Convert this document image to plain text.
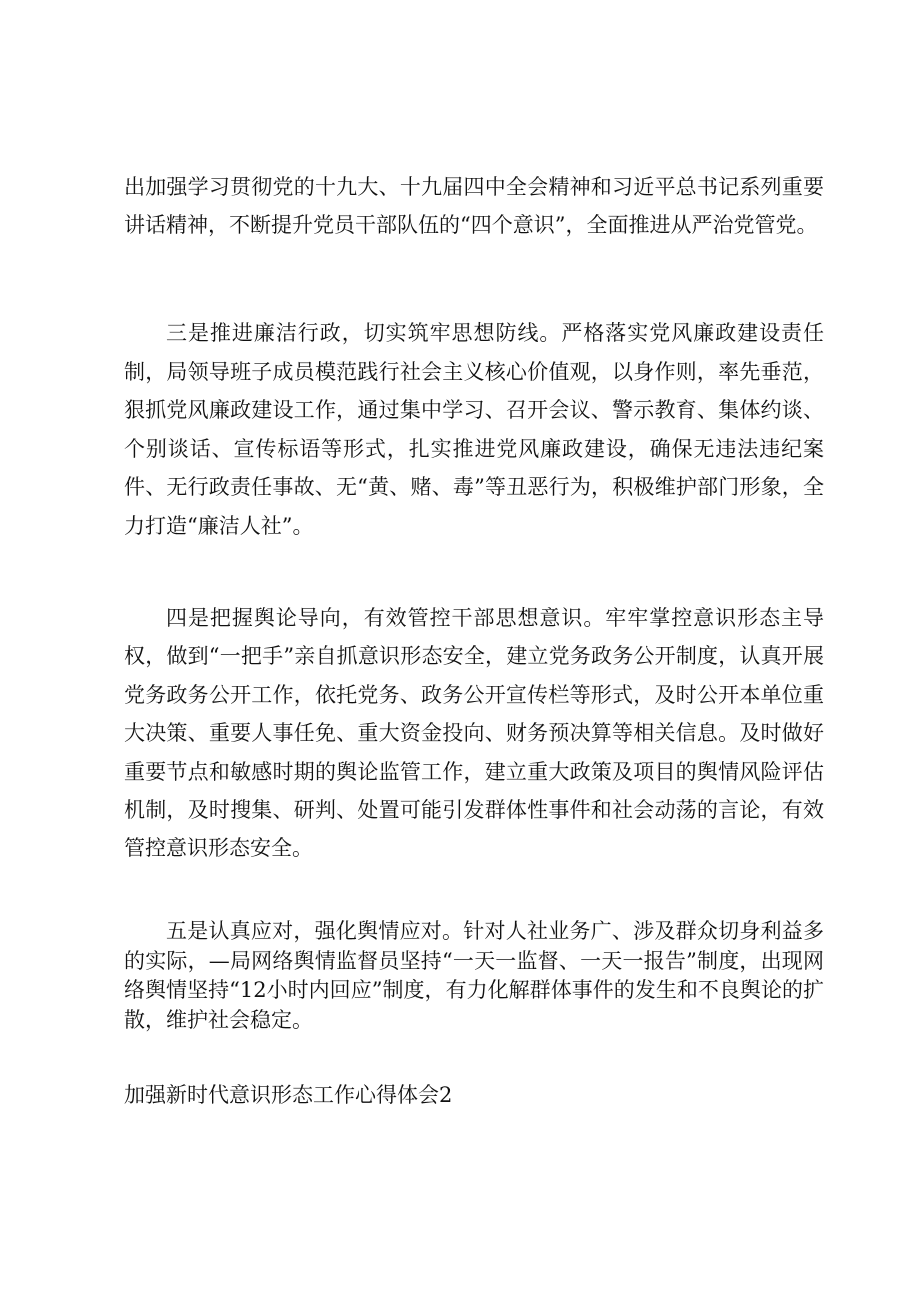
出加强学习贯彻党的十九大、十九届四中全会精神和习近平总书记系列重要讲话精神，不断提升党员干部队伍的“四个意识”，全面推进从严治党管党。

三是推进廉洁行政，切实筑牢思想防线。严格落实党风廉政建设责任制，局领导班子成员模范践行社会主义核心价值观，以身作则，率先垂范，狠抓党风廉政建设工作，通过集中学习、召开会议、警示教育、集体约谈、个别谈话、宣传标语等形式，扎实推进党风廉政建设，确保无违法违纪案件、无行政责任事故、无“黄、赌、毒”等丑恶行为，积极维护部门形象，全力打造“廉洁人社”。

四是把握舆论导向，有效管控干部思想意识。牢牢掌控意识形态主导权，做到“一把手”亲自抓意识形态安全，建立党务政务公开制度，认真开展党务政务公开工作，依托党务、政务公开宣传栏等形式，及时公开本单位重大决策、重要人事任免、重大资金投向、财务预决算等相关信息。及时做好重要节点和敏感时期的舆论监管工作，建立重大政策及项目的舆情风险评估机制，及时搜集、研判、处置可能引发群体性事件和社会动荡的言论，有效管控意识形态安全。

五是认真应对，强化舆情应对。针对人社业务广、涉及群众切身利益多的实际，—局网络舆情监督员坚持“一天一监督、一天一报告”制度，出现网络舆情坚持“12小时内回应”制度，有力化解群体事件的发生和不良舆论的扩散，维护社会稳定。

加强新时代意识形态工作心得体会2
